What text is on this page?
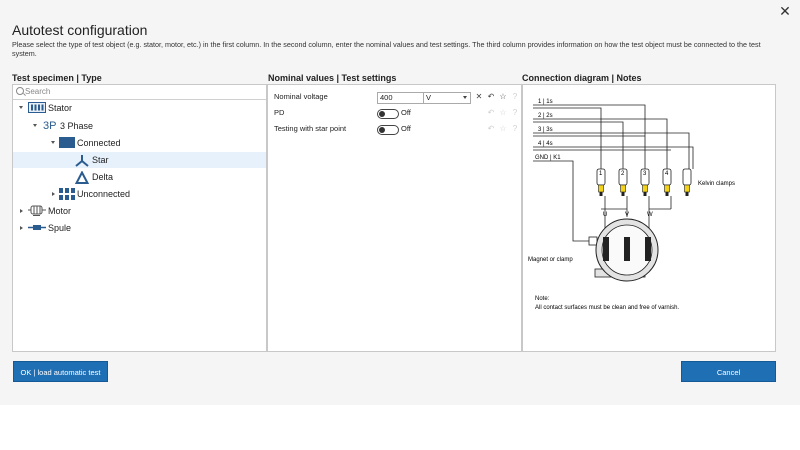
Autotest configuration
✕
Please select the type of test object (e.g. stator, motor, etc.) in the first column. In the second column, enter the nominal values and test settings. The third column provides information on how the test object must be connected to the test system.
Test specimen | Type	Nominal values | Test settings	Connection diagram | Notes
Search
Stator
3P 3 Phase
Connected
Star
Delta
Unconnected
Motor
Spule
Nominal voltage	400	V	✕ ↶ ☆ ?
PD	Off	↶ ☆ ?
Testing with star point	Off	↶ ☆ ?
1 | 1s
2 | 2s
3 | 3s
4 | 4s
GND | K1
1	2	3	4
Kelvin clamps
U	V	W
Magnet or clamp
Note:
All contact surfaces must be clean and free of varnish.
OK | load automatic test	Cancel
